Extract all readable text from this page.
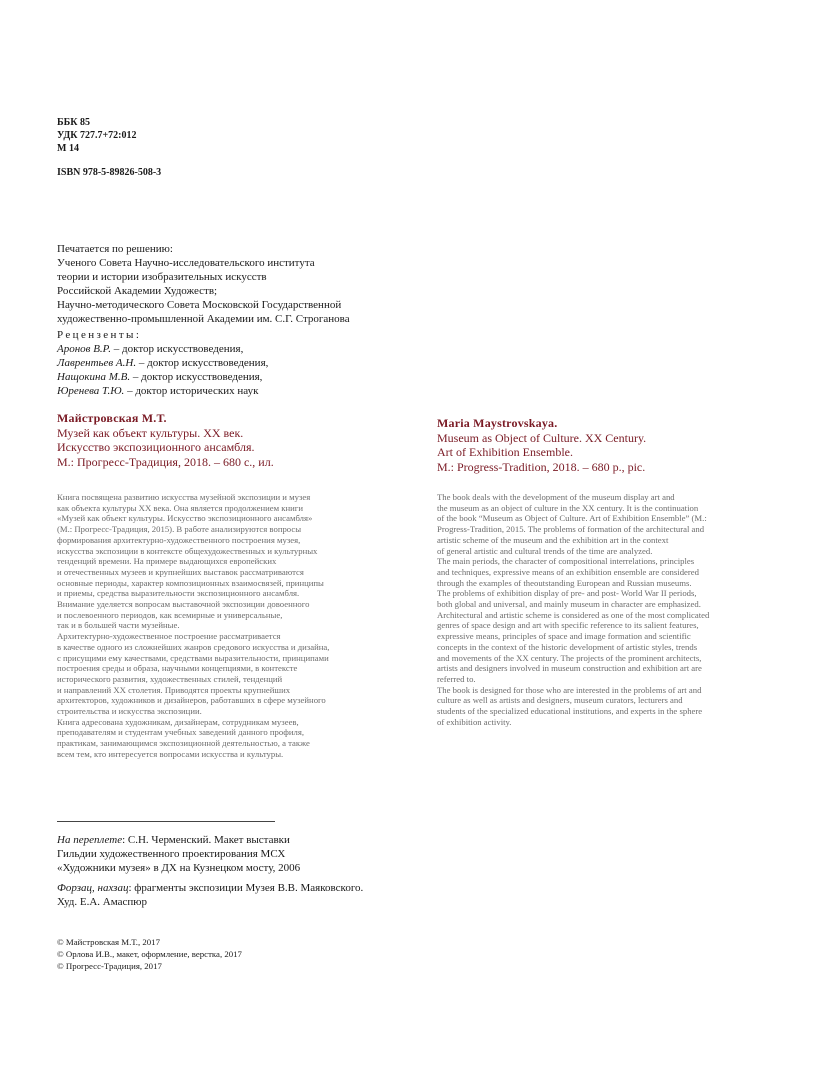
ББК 85
УДК 727.7+72:012
М 14
ISBN 978-5-89826-508-3
Печатается по решению:
Ученого Совета Научно-исследовательского института
теории и истории изобразительных искусств
Российской Академии Художеств;
Научно-методического Совета Московской Государственной
художественно-промышленной Академии им. С.Г. Строганова
Рецензенты:
Аронов В.Р. – доктор искусствоведения,
Лаврентьев А.Н. – доктор искусствоведения,
Нащокина М.В. – доктор искусствоведения,
Юренева Т.Ю. – доктор исторических наук
Майстровская М.Т.
Музей как объект культуры. XX век.
Искусство экспозиционного ансамбля.
М.: Прогресс-Традиция, 2018. – 680 с., ил.
Maria Maystrovskaya.
Museum as Object of Culture. XX Century.
Art of Exhibition Ensemble.
M.: Progress-Tradition, 2018. – 680 p., pic.
Книга посвящена развитию искусства музейной экспозиции и музея
как объекта культуры XX века. Она является продолжением книги
«Музей как объект культуры. Искусство экспозиционного ансамбля»
(М.: Прогресс-Традиция, 2015). В работе анализируются вопросы
формирования архитектурно-художественного построения музея,
искусства экспозиции в контексте общехудожественных и культурных
тенденций времени. На примере выдающихся европейских
и отечественных музеев и крупнейших выставок рассматриваются
основные периоды, характер композиционных взаимосвязей, принципы
и приемы, средства выразительности экспозиционного ансамбля.
Внимание уделяется вопросам выставочной экспозиции довоенного
и послевоенного периодов, как всемирные и универсальные,
так и в большей части музейные.
Архитектурно-художественное построение рассматривается
в качестве одного из сложнейших жанров средового искусства и дизайна,
с присущими ему качествами, средствами выразительности, принципами
построения среды и образа, научными концепциями, в контексте
исторического развития, художественных стилей, тенденций
и направлений XX столетия. Приводятся проекты крупнейших
архитекторов, художников и дизайнеров, работавших в сфере музейного
строительства и искусства экспозиции.
Книга адресована художникам, дизайнерам, сотрудникам музеев,
преподавателям и студентам учебных заведений данного профиля,
практикам, занимающимся экспозиционной деятельностью, а также
всем тем, кто интересуется вопросами искусства и культуры.
The book deals with the development of the museum display art and
the museum as an object of culture in the XX century. It is the continuation
of the book “Museum as Object of Culture. Art of Exhibition Ensemble” (M.:
Progress-Tradition, 2015. The problems of formation of the architectural and
artistic scheme of the museum and the exhibition art in the context
of general artistic and cultural trends of the time are analyzed.
The main periods, the character of compositional interrelations, principles
and techniques, expressive means of an exhibition ensemble are considered
through the examples of theoutstanding European and Russian museums.
The problems of exhibition display of pre- and post- World War II periods,
both global and universal, and mainly museum in character are emphasized.
Architectural and artistic scheme is considered as one of the most complicated
genres of space design and art with specific reference to its salient features,
expressive means, principles of space and image formation and scientific
concepts in the context of the historic development of artistic styles, trends
and movements of the XX century. The projects of the prominent architects,
artists and designers involved in museum construction and exhibition art are
referred to.
The book is designed for those who are interested in the problems of art and
culture as well as artists and designers, museum curators, lecturers and
students of the specialized educational institutions, and experts in the sphere
of exhibition activity.
На переплете: С.Н. Черменский. Макет выставки
Гильдии художественного проектирования МСХ
«Художники музея» в ДХ на Кузнецком мосту, 2006
Форзац, нахзац: фрагменты экспозиции Музея В.В. Маяковского.
Худ. Е.А. Амаспюр
© Майстровская М.Т., 2017
© Орлова И.В., макет, оформление, верстка, 2017
© Прогресс-Традиция, 2017
